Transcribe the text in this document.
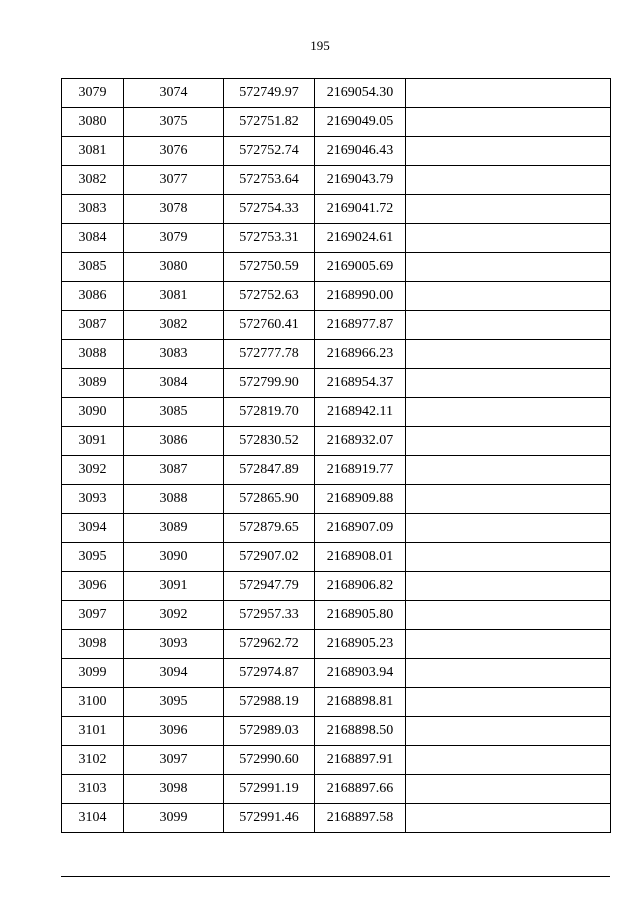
195
3079	3074	572749.97	2169054.30	
3080	3075	572751.82	2169049.05	
3081	3076	572752.74	2169046.43	
3082	3077	572753.64	2169043.79	
3083	3078	572754.33	2169041.72	
3084	3079	572753.31	2169024.61	
3085	3080	572750.59	2169005.69	
3086	3081	572752.63	2168990.00	
3087	3082	572760.41	2168977.87	
3088	3083	572777.78	2168966.23	
3089	3084	572799.90	2168954.37	
3090	3085	572819.70	2168942.11	
3091	3086	572830.52	2168932.07	
3092	3087	572847.89	2168919.77	
3093	3088	572865.90	2168909.88	
3094	3089	572879.65	2168907.09	
3095	3090	572907.02	2168908.01	
3096	3091	572947.79	2168906.82	
3097	3092	572957.33	2168905.80	
3098	3093	572962.72	2168905.23	
3099	3094	572974.87	2168903.94	
3100	3095	572988.19	2168898.81	
3101	3096	572989.03	2168898.50	
3102	3097	572990.60	2168897.91	
3103	3098	572991.19	2168897.66	
3104	3099	572991.46	2168897.58	
